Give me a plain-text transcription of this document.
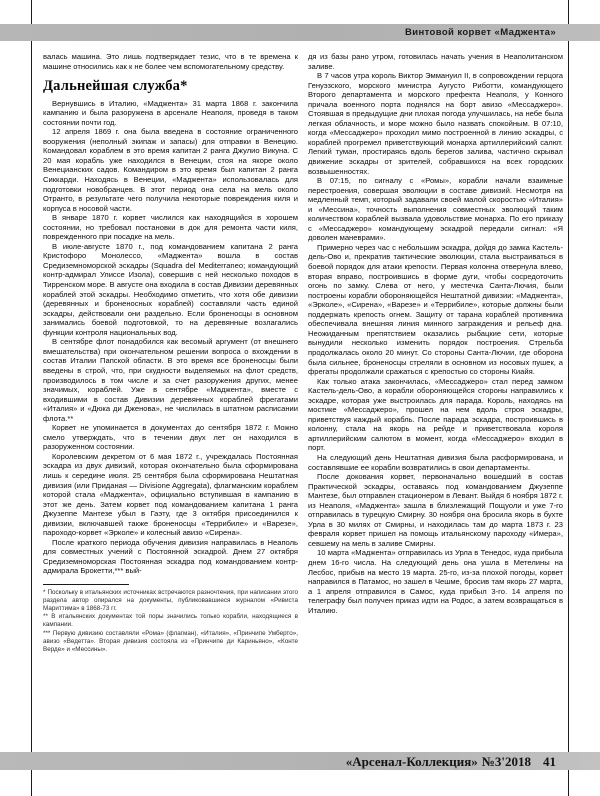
Винтовой корвет «Маджента»

валась машина. Это лишь подтверждает тезис, что в те времена к машине относились как к не более чем вспомогательному средству.

Дальнейшая служба*

Вернувшись в Италию, «Маджента» 31 марта 1868 г. закончила кампанию и была разоружена в арсенале Неаполя, проведя в таком состоянии почти год.

12 апреля 1869 г. она была введена в состояние ограниченного вооружения (неполный экипаж и запасы) для отправки в Венецию. Командовал кораблем в это время капитан 2 ранга Джулио Викуна. С 20 мая корабль уже находился в Венеции, стоя на якоре около Венецианских садов. Командиром в это время был капитан 2 ранга Сиккарди. Находясь в Венеции, «Маджента» использовалась для подготовки новобранцев. В этот период она села на мель около Отранто, в результате чего получила некоторые повреждения киля и корпуса в носовой части.

В январе 1870 г. корвет числился как находящийся в хорошем состоянии, но требовал постановки в док для ремонта части киля, поврежденного при посадке на мель.

В июле-августе 1870 г., под командованием капитана 2 ранга Кристофоро Монолессо, «Маджента» вошла в состав Средиземноморской эскадры (Squadra del Mediterraneo; командующий контр-адмирал Улиссе Изола), совершив с ней несколько походов в Тирренском море. В августе она входила в состав Дивизии деревянных кораблей этой эскадры. Необходимо отметить, что хотя обе дивизии (деревянных и броненосных кораблей) составляли часть единой эскадры, действовали они раздельно. Если броненосцы в основном занимались боевой подготовкой, то на деревянные возлагались функции контроля национальных вод.

В сентябре флот понадобился как весомый аргумент (от внешнего вмешательства) при окончательном решении вопроса о вхождении в состав Италии Папской области. В это время все броненосцы были введены в строй, что, при скудности выделяемых на флот средств, производилось в том числе и за счет разоружения других, менее значимых, кораблей. Уже в сентябре «Маджента», вместе с входившими в состав Дивизии деревянных кораблей фрегатами «Италия» и «Дюка ди Дженова», не числилась в штатном расписании флота.**

Корвет не упоминается в документах до сентября 1872 г. Можно смело утверждать, что в течении двух лет он находился в разоруженном состоянии.

Королевским декретом от 6 мая 1872 г., учреждалась Постоянная эскадра из двух дивизий, которая окончательно была сформирована лишь к середине июля. 25 сентября была сформирована Нештатная дивизия (или Приданая — Divisione Aggregata), флагманским кораблем которой стала «Маджента», официально вступившая в кампанию в этот же день. Затем корвет под командованием капитана 1 ранга Джузеппе Мантезе убыл в Гаэту, где 3 октября присоединился к дивизии, включавшей также броненосцы «Террибиле» и «Варезе», пароходо-корвет «Эрколе» и колесный авизо «Сирена».

После краткого периода обучения дивизия направилась в Неаполь для совместных учений с Постоянной эскадрой. Днем 27 октября Средиземноморская Постоянная эскадра под командованием контр-адмирала Брокетти,*** вый-

* Поскольку в итальянских источниках встречаются разночтения, при написании этого раздела автор опирался на документы, публиковавшиеся журналом «Ривиста Мариттима» в 1868-73 гг.

** В итальянских документах той поры значились только корабли, находящиеся в кампании.

*** Первую дивизию составляли «Рома» (флагман), «Италия», «Принчипе Умберто», авизо «Ведетта». Вторая дивизия состояла из «Принчипе ди Кариньяно», «Конте Верде» и «Мессины».

дя из базы рано утром, готовилась начать учения в Неаполитанском заливе.

В 7 часов утра король Виктор Эммануил II, в сопровождении герцога Генуэзского, морского министра Аугусто Риботти, командующего Второго департамента и морского префекта Неаполя, у Конного причала военного порта поднялся на борт авизо «Мессаджеро». Стоявшая в предыдущие дни плохая погода улучшилась, на небе была легкая облачность, и море можно было назвать спокойным. В 07:10, когда «Мессаджеро» проходил мимо построенной в линию эскадры, с кораблей прогремел приветствующий монарха артиллерийский салют. Легкий туман, простираясь вдоль берегов залива, частично скрывал движение эскадры от зрителей, собравшихся на всех городских возвышенностях.

В 07:15, по сигналу с «Ромы», корабли начали взаимные перестроения, совершая эволюции в составе дивизий. Несмотря на медленный темп, который задавали своей малой скоростью «Италия» и «Мессина», точность выполнения совместных эволюций таким количеством кораблей вызвала удовольствие монарха. По его приказу с «Мессаджеро» командующему эскадрой передали сигнал: «Я доволен маневрами».

Примерно через час с небольшим эскадра, дойдя до замка Кастель-дель-Ово и, прекратив тактические эволюции, стала выстраиваться в боевой порядок для атаки крепости. Первая колонна отвернула влево, вторая вправо, построившись в форме дуги, чтобы сосредоточить огонь по замку. Слева от него, у местечка Санта-Лючия, были построены корабли обороняющейся Нештатной дивизии: «Маджента», «Эрколе», «Сирена», «Варезе» и «Террибиле», которые должны были поддержать крепость огнем. Защиту от тарана кораблей противника обеспечивала внешняя линия минного заграждения и рельеф дна. Неожиданным препятствием оказались рыбацкие сети, которые вынудили несколько изменить порядок построения. Стрельба продолжалась около 20 минут. Со стороны Санта-Лючии, где оборона была сильнее, броненосцы стреляли в основном из носовых пушек, а фрегаты продолжали сражаться с крепостью со стороны Киайя.

Как только атака закончилась, «Мессаджеро» стал перед замком Кастель-дель-Ово, а корабли обороняющейся стороны направились к эскадре, которая уже выстроилась для парада. Король, находясь на мостике «Мессаджеро», прошел на нем вдоль строя эскадры, приветствуя каждый корабль. После парада эскадра, построившись в колонну, стала на якорь на рейде и приветствовала короля артиллерийским салютом в момент, когда «Мессаджеро» входил в порт.

На следующий день Нештатная дивизия была расформирована, и составлявшие ее корабли возвратились в свои департаменты.

После докования корвет, первоначально вошедший в состав Практической эскадры, оставаясь под командованием Джузеппе Мантезе, был отправлен стационером в Левант. Выйдя 6 ноября 1872 г. из Неаполя, «Маджента» зашла в близлежащий Пощуоли и уже 7-го отправилась в турецкую Смирну. 30 ноября она бросила якорь в бухте Урла в 30 милях от Смирны, и находилась там до марта 1873 г. 23 февраля корвет пришел на помощь итальянскому пароходу «Имера», севшему на мель в заливе Смирны.

10 марта «Маджента» отправилась из Урла в Тенедос, куда прибыла днем 16-го числа. На следующий день она ушла в Метелины на Лесбос, прибыв на место 19 марта. 25-го, из-за плохой погоды, корвет направился в Патамос, но зашел в Чешме, бросив там якорь 27 марта, а 1 апреля отправился в Самос, куда прибыл 3-го. 14 апреля по телеграфу был получен приказ идти на Родос, а затем возвращаться в Италию.

«Арсенал-Коллекция» №3'2018 41
